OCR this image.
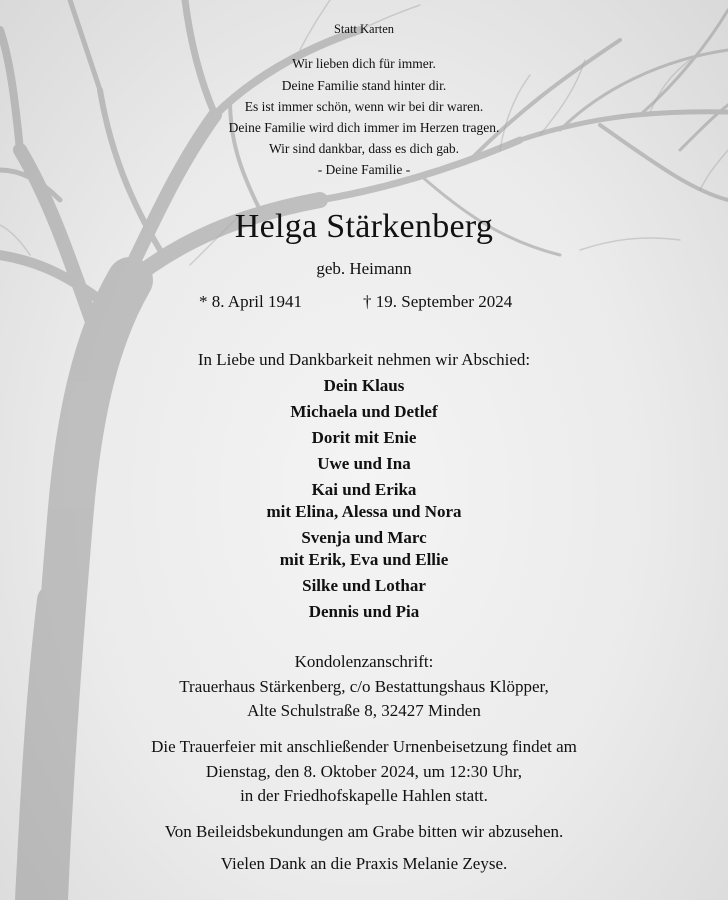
Statt Karten
Wir lieben dich für immer.
Deine Familie stand hinter dir.
Es ist immer schön, wenn wir bei dir waren.
Deine Familie wird dich immer im Herzen tragen.
Wir sind dankbar, dass es dich gab.
- Deine Familie -
Helga Stärkenberg
geb. Heimann
* 8. April 1941	† 19. September 2024
In Liebe und Dankbarkeit nehmen wir Abschied:
Dein Klaus
Michaela und Detlef
Dorit mit Enie
Uwe und Ina
Kai und Erika
mit Elina, Alessa und Nora
Svenja und Marc
mit Erik, Eva und Ellie
Silke und Lothar
Dennis und Pia
Kondolenzanschrift:
Trauerhaus Stärkenberg, c/o Bestattungshaus Klöpper,
Alte Schulstraße 8, 32427 Minden
Die Trauerfeier mit anschließender Urnenbeisetzung findet am
Dienstag, den 8. Oktober 2024, um 12:30 Uhr,
in der Friedhofskapelle Hahlen statt.
Von Beileidsbekundungen am Grabe bitten wir abzusehen.
Vielen Dank an die Praxis Melanie Zeyse.
